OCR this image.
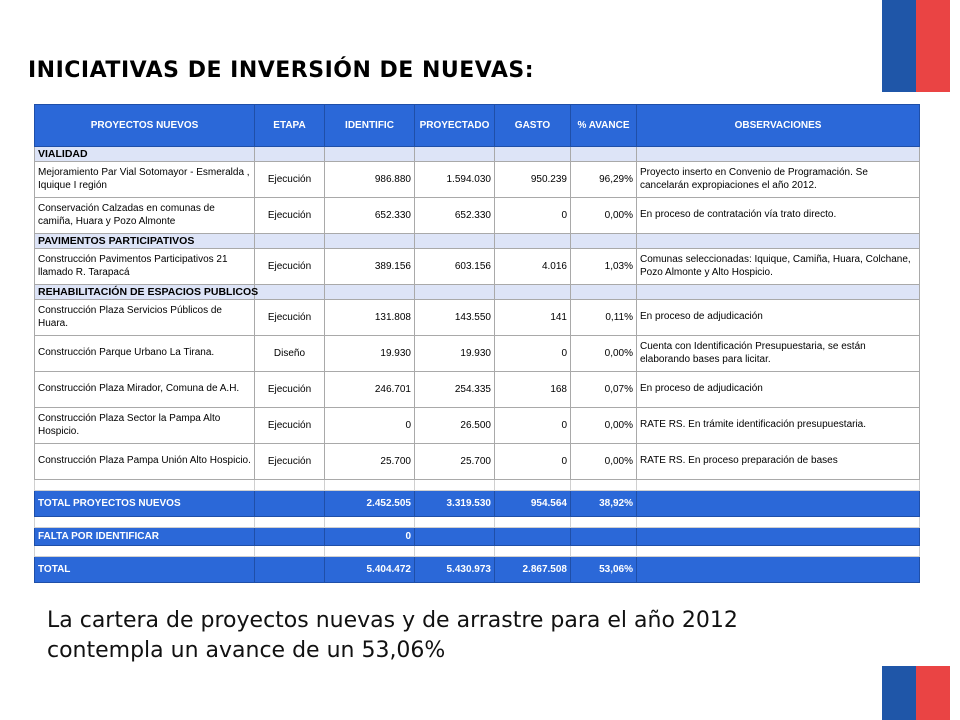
INICIATIVAS DE INVERSIÓN DE NUEVAS:
PROYECTOS NUEVOS	ETAPA	IDENTIFIC	PROYECTADO	GASTO	% AVANCE	OBSERVACIONES
VIALIDAD						
Mejoramiento Par Vial Sotomayor - Esmeralda , Iquique I región	Ejecución	986.880	1.594.030	950.239	96,29%	Proyecto inserto en Convenio de Programación. Se cancelarán expropiaciones el año 2012.
Conservación Calzadas en comunas de camiña, Huara y Pozo Almonte	Ejecución	652.330	652.330	0	0,00%	En proceso de contratación vía trato directo.
PAVIMENTOS PARTICIPATIVOS						
Construcción Pavimentos Participativos 21 llamado R. Tarapacá	Ejecución	389.156	603.156	4.016	1,03%	Comunas seleccionadas: Iquique, Camiña, Huara, Colchane, Pozo Almonte y Alto Hospicio.
REHABILITACIÓN DE ESPACIOS PUBLICOS						
Construcción Plaza Servicios Públicos de Huara.	Ejecución	131.808	143.550	141	0,11%	En proceso de adjudicación
Construcción Parque Urbano La Tirana.	Diseño	19.930	19.930	0	0,00%	Cuenta con Identificación Presupuestaria, se están elaborando bases para licitar.
Construcción Plaza Mirador, Comuna de A.H.	Ejecución	246.701	254.335	168	0,07%	En proceso de adjudicación
Construcción Plaza Sector la Pampa Alto Hospicio.	Ejecución	0	26.500	0	0,00%	RATE RS. En trámite identificación presupuestaria.
Construcción Plaza Pampa Unión Alto Hospicio.	Ejecución	25.700	25.700	0	0,00%	RATE RS. En proceso preparación de bases

TOTAL PROYECTOS NUEVOS		2.452.505	3.319.530	954.564	38,92%	

FALTA POR IDENTIFICAR		0				

TOTAL		5.404.472	5.430.973	2.867.508	53,06%	

La cartera de proyectos nuevas y de arrastre para el año 2012 contempla un avance de un 53,06%
